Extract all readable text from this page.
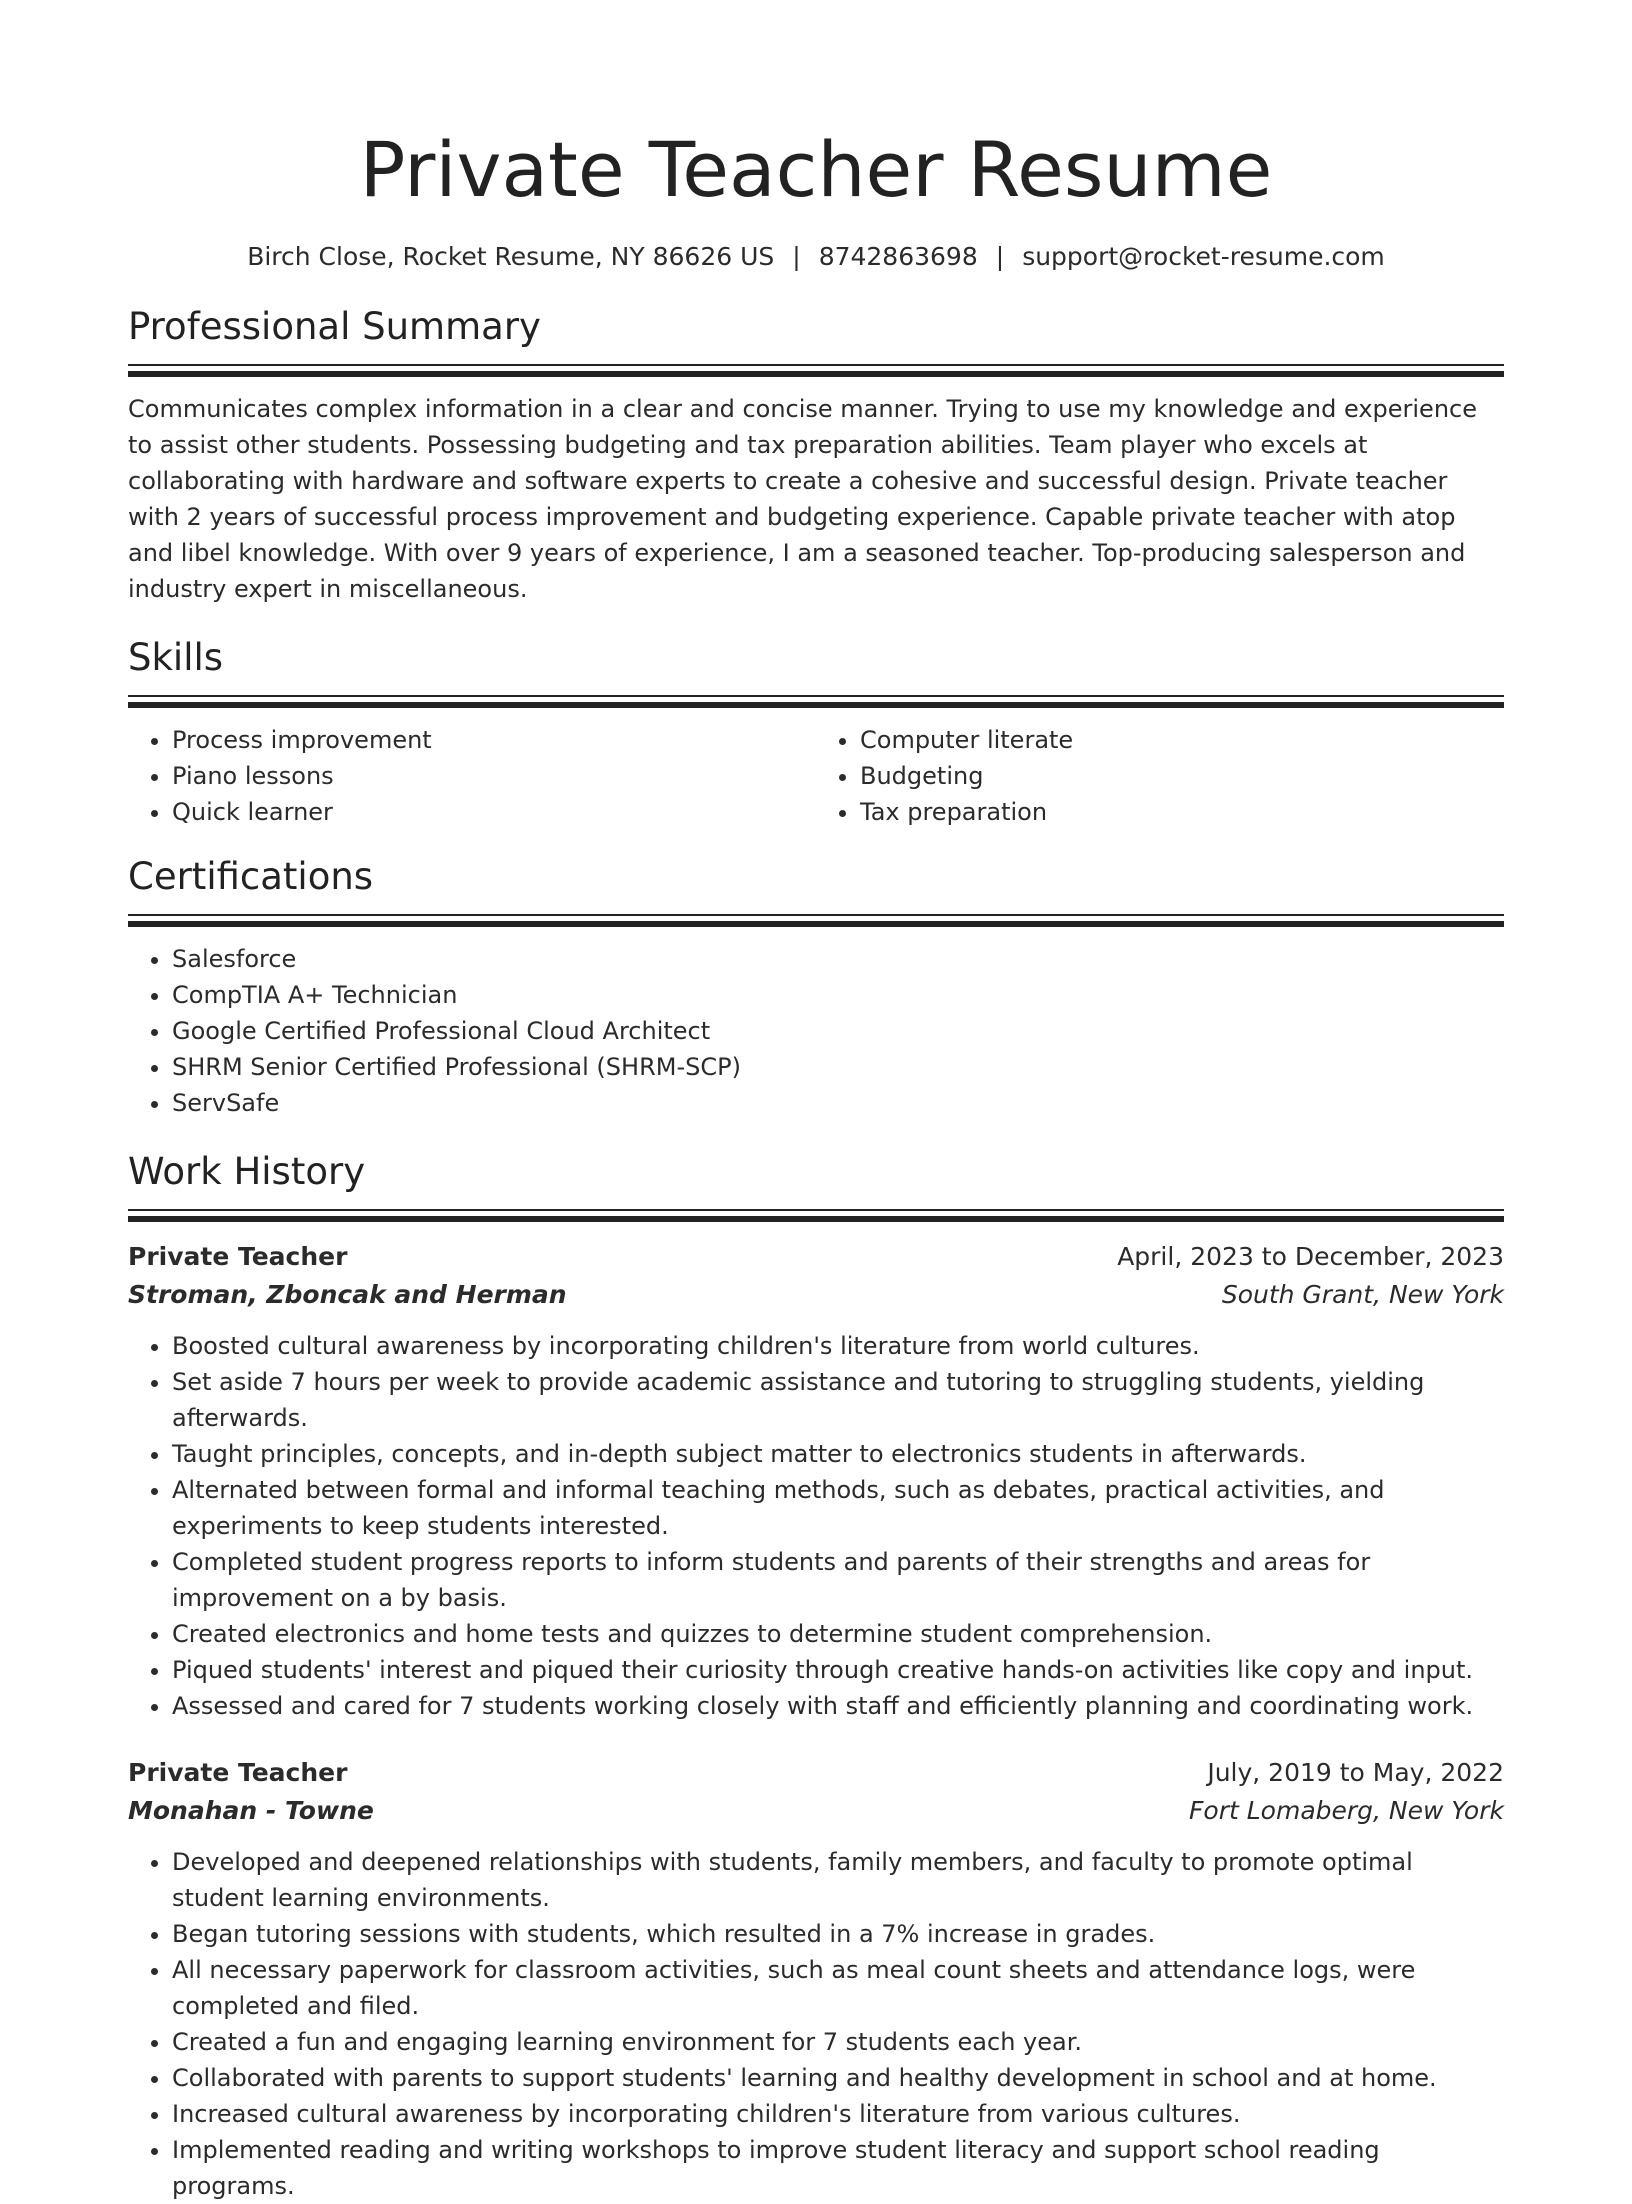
Private Teacher Resume
Birch Close, Rocket Resume, NY 86626 US | 8742863698 | support@rocket-resume.com
Professional Summary

Communicates complex information in a clear and concise manner. Trying to use my knowledge and experience to assist other students. Possessing budgeting and tax preparation abilities. Team player who excels at collaborating with hardware and software experts to create a cohesive and successful design. Private teacher with 2 years of successful process improvement and budgeting experience. Capable private teacher with atop and libel knowledge. With over 9 years of experience, I am a seasoned teacher. Top-producing salesperson and industry expert in miscellaneous.

Skills
• Process improvement
• Piano lessons
• Quick learner
• Computer literate
• Budgeting
• Tax preparation
Certifications
• Salesforce
• CompTIA A+ Technician
• Google Certified Professional Cloud Architect
• SHRM Senior Certified Professional (SHRM-SCP)
• ServSafe
Work History
Private Teacher	April, 2023 to December, 2023
Stroman, Zboncak and Herman	South Grant, New York
• Boosted cultural awareness by incorporating children's literature from world cultures.
• Set aside 7 hours per week to provide academic assistance and tutoring to struggling students, yielding afterwards.
• Taught principles, concepts, and in-depth subject matter to electronics students in afterwards.
• Alternated between formal and informal teaching methods, such as debates, practical activities, and experiments to keep students interested.
• Completed student progress reports to inform students and parents of their strengths and areas for improvement on a by basis.
• Created electronics and home tests and quizzes to determine student comprehension.
• Piqued students' interest and piqued their curiosity through creative hands-on activities like copy and input.
• Assessed and cared for 7 students working closely with staff and efficiently planning and coordinating work.
Private Teacher	July, 2019 to May, 2022
Monahan - Towne	Fort Lomaberg, New York
• Developed and deepened relationships with students, family members, and faculty to promote optimal student learning environments.
• Began tutoring sessions with students, which resulted in a 7% increase in grades.
• All necessary paperwork for classroom activities, such as meal count sheets and attendance logs, were completed and filed.
• Created a fun and engaging learning environment for 7 students each year.
• Collaborated with parents to support students' learning and healthy development in school and at home.
• Increased cultural awareness by incorporating children's literature from various cultures.
• Implemented reading and writing workshops to improve student literacy and support school reading programs.
